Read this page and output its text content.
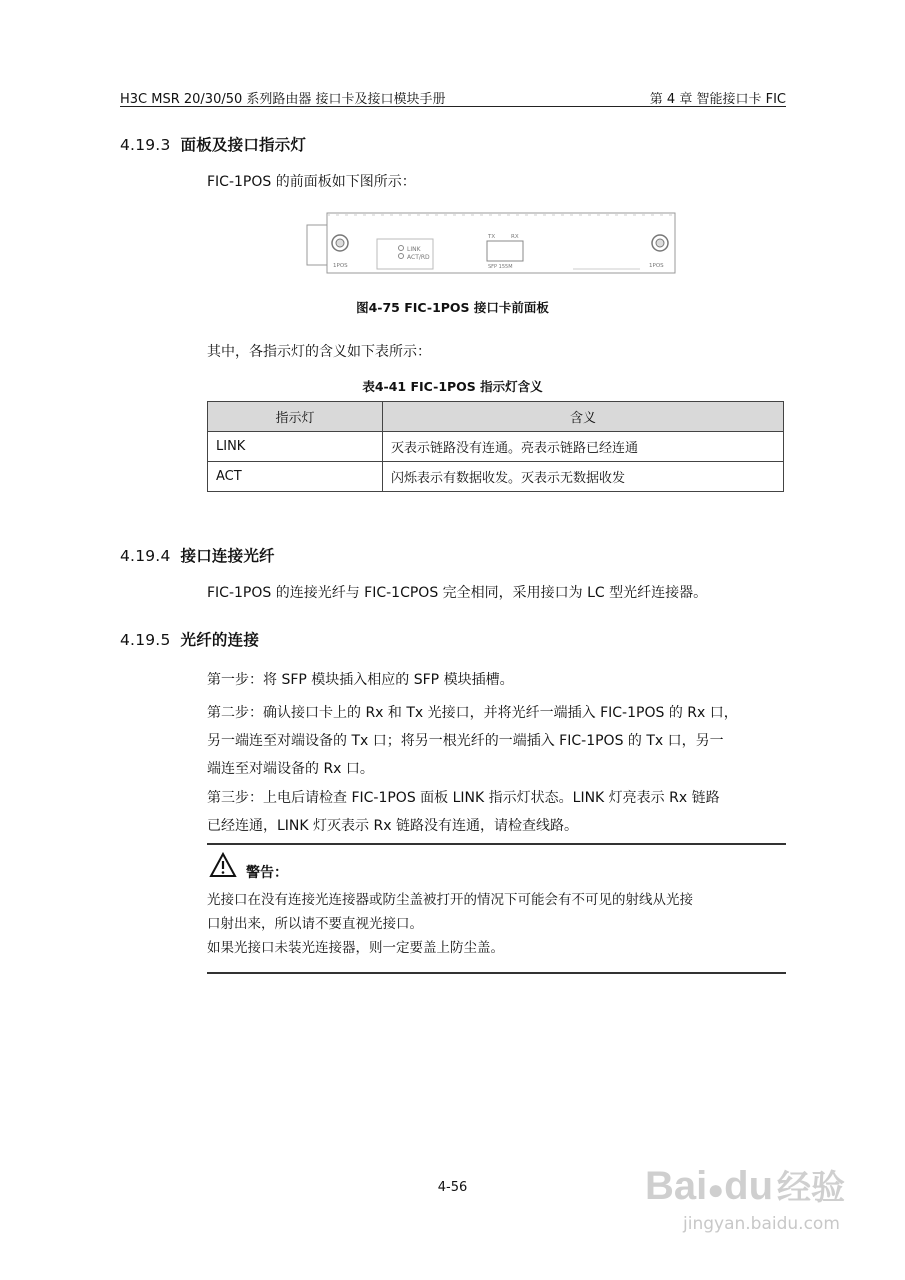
H3C MSR 20/30/50 系列路由器 接口卡及接口模块手册	第 4 章 智能接口卡 FIC
4.19.3 面板及接口指示灯
FIC-1POS 的前面板如下图所示：
LINK
ACT/RD
TX	RX
SFP 155M
1POS	1POS
图4-75 FIC-1POS 接口卡前面板
其中，各指示灯的含义如下表所示：
表4-41 FIC-1POS 指示灯含义
指示灯	含义
LINK	灭表示链路没有连通。亮表示链路已经连通
ACT	闪烁表示有数据收发。灭表示无数据收发
4.19.4 接口连接光纤
FIC-1POS 的连接光纤与 FIC-1CPOS 完全相同，采用接口为 LC 型光纤连接器。
4.19.5 光纤的连接
第一步：将 SFP 模块插入相应的 SFP 模块插槽。
第二步：确认接口卡上的 Rx 和 Tx 光接口，并将光纤一端插入 FIC-1POS 的 Rx 口，
另一端连至对端设备的 Tx 口；将另一根光纤的一端插入 FIC-1POS 的 Tx 口，另一
端连至对端设备的 Rx 口。
第三步：上电后请检查 FIC-1POS 面板 LINK 指示灯状态。LINK 灯亮表示 Rx 链路
已经连通，LINK 灯灭表示 Rx 链路没有连通，请检查线路。
警告：
光接口在没有连接光连接器或防尘盖被打开的情况下可能会有不可见的射线从光接
口射出来，所以请不要直视光接口。
如果光接口未装光连接器，则一定要盖上防尘盖。
4-56	Bai●du 经验
jingyan.baidu.com
